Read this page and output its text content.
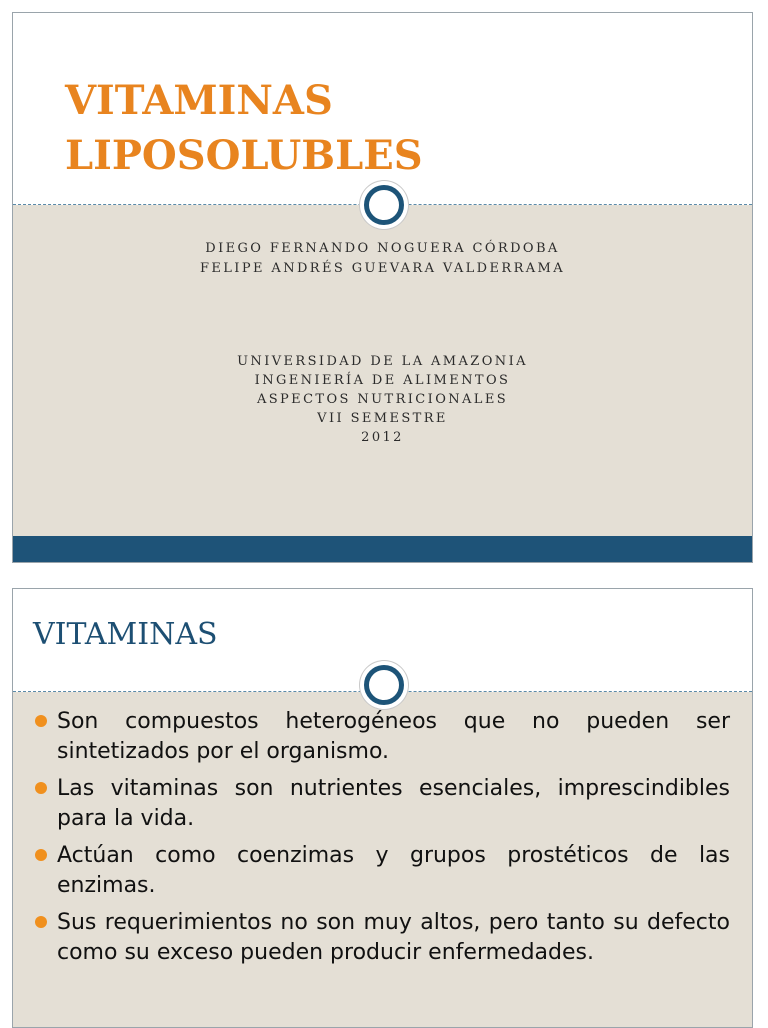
VITAMINAS
LIPOSOLUBLES
DIEGO FERNANDO NOGUERA CÓRDOBA
FELIPE ANDRÉS GUEVARA VALDERRAMA
UNIVERSIDAD DE LA AMAZONIA
INGENIERÍA DE ALIMENTOS
ASPECTOS NUTRICIONALES
VII SEMESTRE
2012
VITAMINAS
Son compuestos heterogéneos que no pueden ser sintetizados por el organismo.
Las vitaminas son nutrientes esenciales, imprescindibles para la vida.
Actúan como coenzimas y grupos prostéticos de las enzimas.
Sus requerimientos no son muy altos, pero tanto su defecto como su exceso pueden producir enfermedades.
